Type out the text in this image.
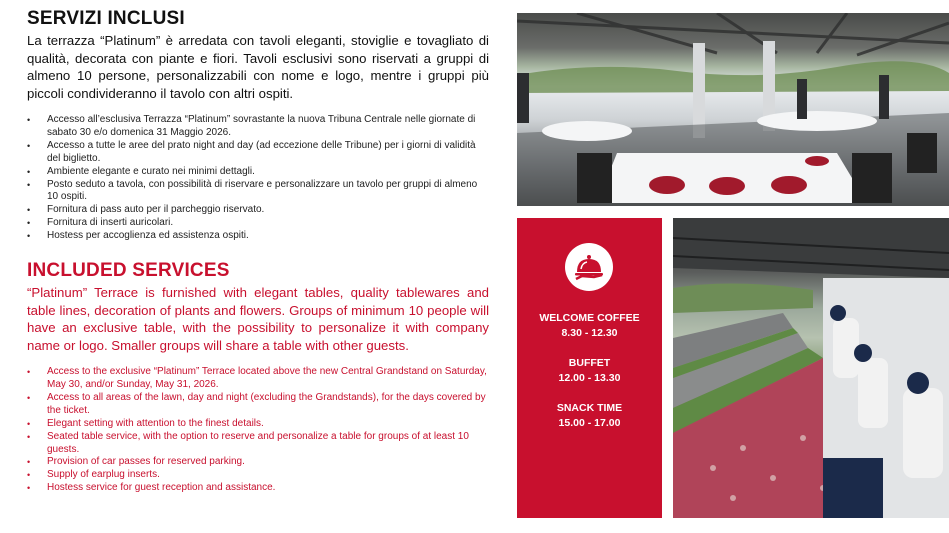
SERVIZI INCLUSI

La terrazza “Platinum” è arredata con tavoli eleganti, stoviglie e tovagliato di qualità, decorata con piante e fiori. Tavoli esclusivi sono riservati a gruppi di almeno 10 persone, personalizzabili con nome e logo, mentre i gruppi più piccoli condivideranno il tavolo con altri ospiti.

• Accesso all’esclusiva Terrazza “Platinum” sovrastante la nuova Tribuna Centrale nelle giornate di sabato 30 e/o domenica 31 Maggio 2026.
• Accesso a tutte le aree del prato night and day (ad eccezione delle Tribune) per i giorni di validità del biglietto.
• Ambiente elegante e curato nei minimi dettagli.
• Posto seduto a tavola, con possibilità di riservare e personalizzare un tavolo per gruppi di almeno 10 ospiti.
• Fornitura di pass auto per il parcheggio riservato.
• Fornitura di inserti auricolari.
• Hostess per accoglienza ed assistenza ospiti.
INCLUDED SERVICES

“Platinum” Terrace is furnished with elegant tables, quality tablewares and table lines, decoration of plants and flowers. Groups of minimum 10 people will have an exclusive table, with the possibility to personalize it with company name or logo. Smaller groups will share a table with other guests.

• Access to the exclusive “Platinum” Terrace located above the new Central Grandstand on Saturday, May 30, and/or Sunday, May 31, 2026.
• Access to all areas of the lawn, day and night (excluding the Grandstands), for the days covered by the ticket.
• Elegant setting with attention to the finest details.
• Seated table service, with the option to reserve and personalize a table for groups of at least 10 guests.
• Provision of car passes for reserved parking.
• Supply of earplug inserts.
• Hostess service for guest reception and assistance.
WELCOME COFFEE
8.30 - 12.30
BUFFET
12.00 - 13.30
SNACK TIME
15.00 - 17.00
